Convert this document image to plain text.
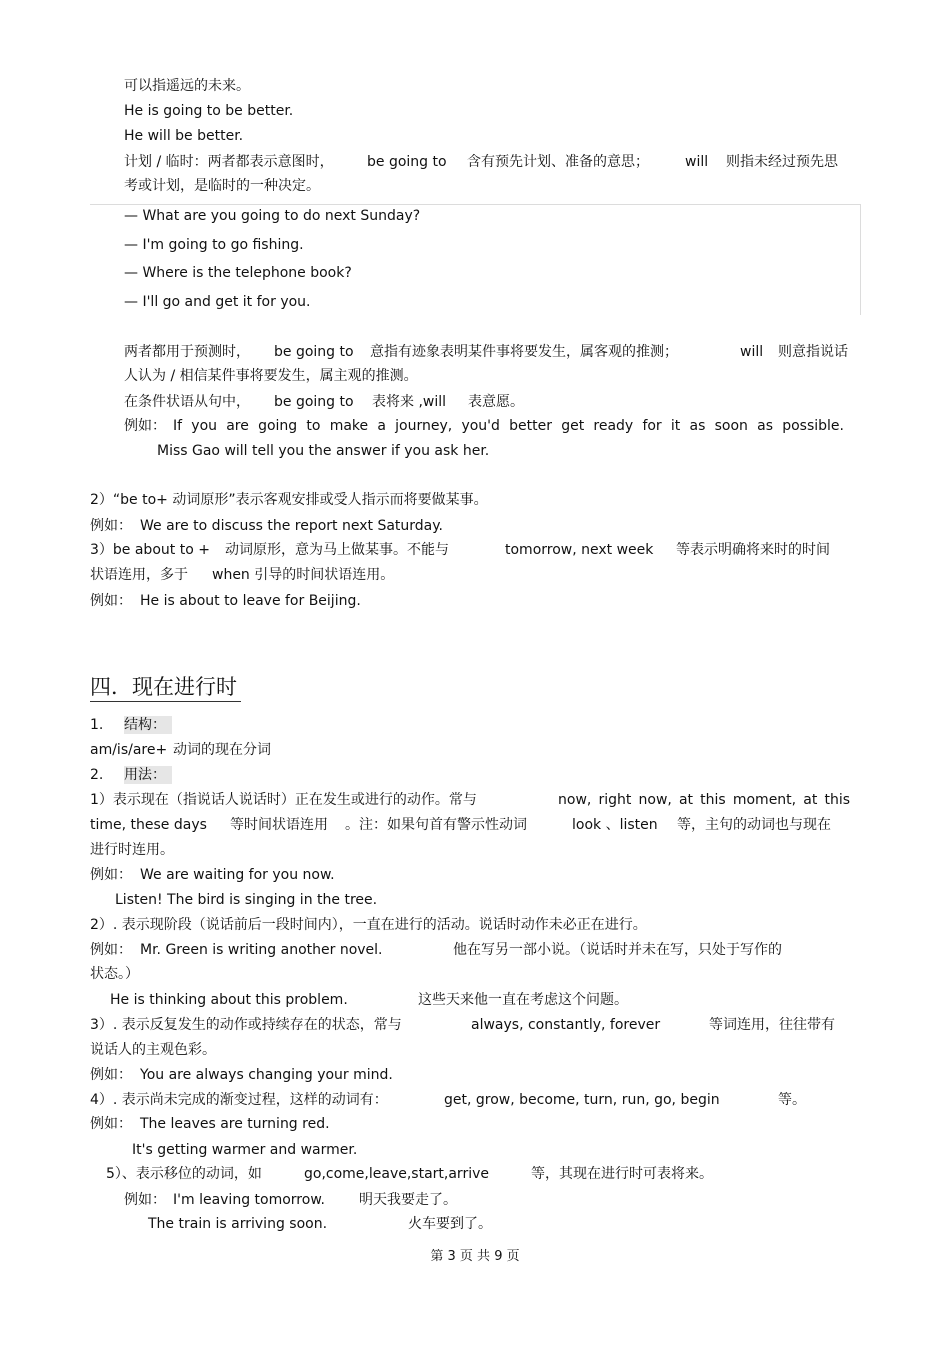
可以指遥远的未来。
He is going to be better.
He will be better.
计划 / 临时：两者都表示意图时， be going to 含有预先计划、准备的意思；	will 则指未经过预先思
考或计划，是临时的一种决定。
— What are you going to do next Sunday?
— I'm going to go fishing.
— Where is the telephone book?
— I'll go and get it for you.
两者都用于预测时， be going to 意指有迹象表明某件事将要发生，属客观的推测；	will 则意指说话
人认为 / 相信某件事将要发生，属主观的推测。
在条件状语从句中， be going to 表将来 ,will 表意愿。
例如： If you are going to make a journey, you'd better get ready for it as soon as possible.
Miss Gao will tell you the answer if you ask her.
2）“be to+ 动词原形”表示客观安排或受人指示而将要做某事。
例如： We are to discuss the report next Saturday.
3）be about to + 动词原形，意为马上做某事。不能与	tomorrow, next week 等表示明确将来时的时间
状语连用，多于 when 引导的时间状语连用。
例如： He is about to leave for Beijing.
四．现在进行时
1. 结构：
am/is/are+ 动词的现在分词
2. 用法：
1）表示现在（指说话人说话时）正在发生或进行的动作。常与	now, right now, at this moment, at this
time, these days 等时间状语连用 。注：如果句首有警示性动词	look 、listen 等，主句的动词也与现在
进行时连用。
例如： We are waiting for you now.
Listen! The bird is singing in the tree.
2）. 表示现阶段（说话前后一段时间内），一直在进行的活动。说话时动作未必正在进行。
例如： Mr. Green is writing another novel.	他在写另一部小说。（说话时并未在写，只处于写作的
状态。）
He is thinking about this problem.	这些天来他一直在考虑这个问题。
3）. 表示反复发生的动作或持续存在的状态，常与	always, constantly, forever	等词连用，往往带有
说话人的主观色彩。
例如： You are always changing your mind.
4）. 表示尚未完成的渐变过程，这样的动词有：	get, grow, become, turn, run, go, begin	等。
例如： The leaves are turning red.
It's getting warmer and warmer.
5）、表示移位的动词，如	go,come,leave,start,arrive	等，其现在进行时可表将来。
例如： I'm leaving tomorrow. 明天我要走了。
The train is arriving soon.	火车要到了。
第 3 页 共 9 页
